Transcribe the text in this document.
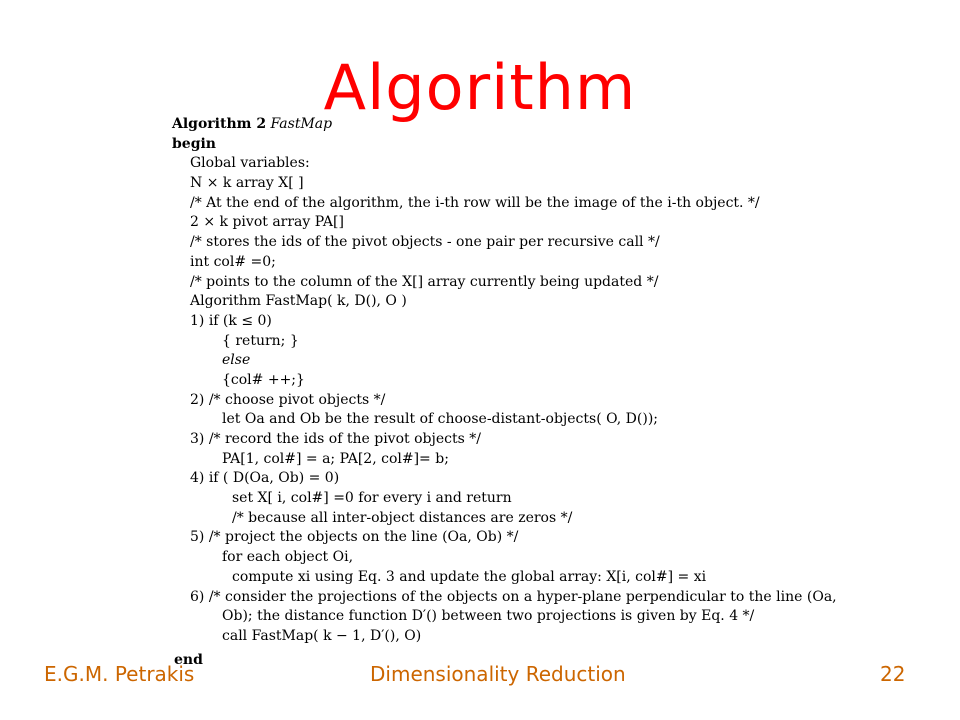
Algorithm
Algorithm 2 FastMap
begin
Global variables:
N × k array X[ ]
/* At the end of the algorithm, the i-th row will be the image of the i-th object. */
2 × k pivot array PA[]
/* stores the ids of the pivot objects - one pair per recursive call */
int col# =0;
/* points to the column of the X[] array currently being updated */
Algorithm FastMap( k, D(), O )
1) if (k ≤ 0)
{ return; }
else
{col# ++;}
2) /* choose pivot objects */
let Oa and Ob be the result of choose-distant-objects( O, D());
3) /* record the ids of the pivot objects */
PA[1, col#] = a; PA[2, col#]= b;
4) if ( D(Oa, Ob) = 0)
set X[ i, col#] =0 for every i and return
/* because all inter-object distances are zeros */
5) /* project the objects on the line (Oa, Ob) */
for each object Oi,
compute xi using Eq. 3 and update the global array: X[i, col#] = xi
6) /* consider the projections of the objects on a hyper-plane perpendicular to the line (Oa,
Ob); the distance function D′() between two projections is given by Eq. 4 */
call FastMap( k − 1, D′(), O)
end
E.G.M. Petrakis	Dimensionality Reduction	22
